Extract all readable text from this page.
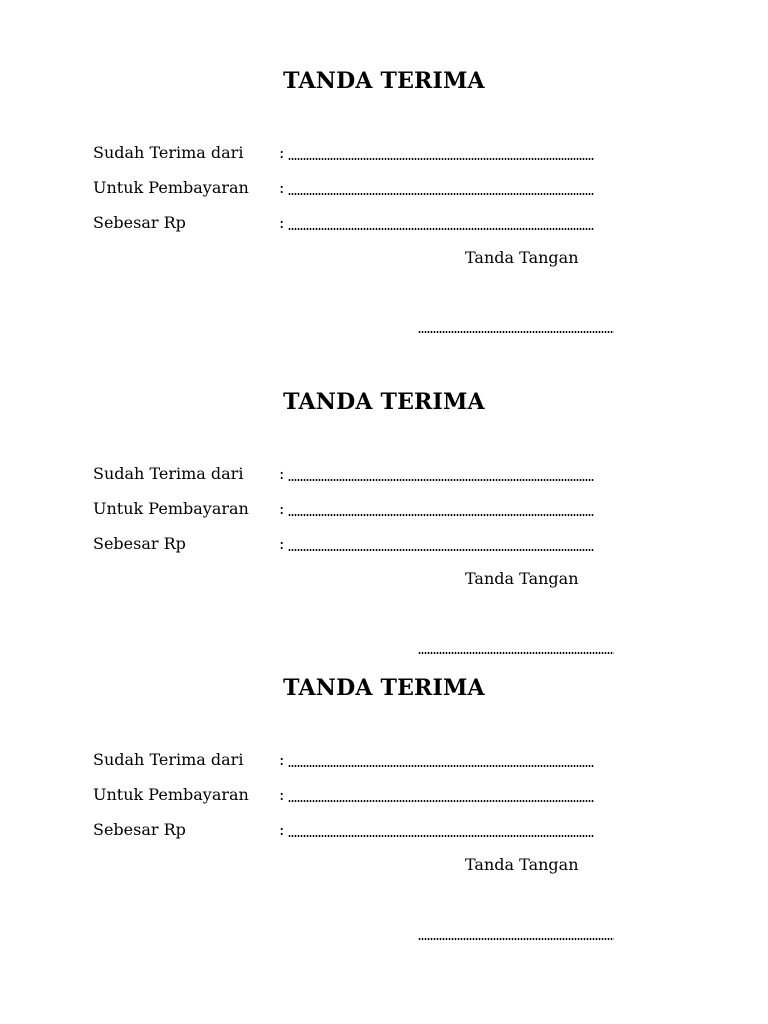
TANDA TERIMA
Sudah Terima dari :
Untuk Pembayaran :
Sebesar Rp	:
Tanda Tangan
TANDA TERIMA
Sudah Terima dari :
Untuk Pembayaran :
Sebesar Rp	:
Tanda Tangan
TANDA TERIMA
Sudah Terima dari :
Untuk Pembayaran :
Sebesar Rp	:
Tanda Tangan
